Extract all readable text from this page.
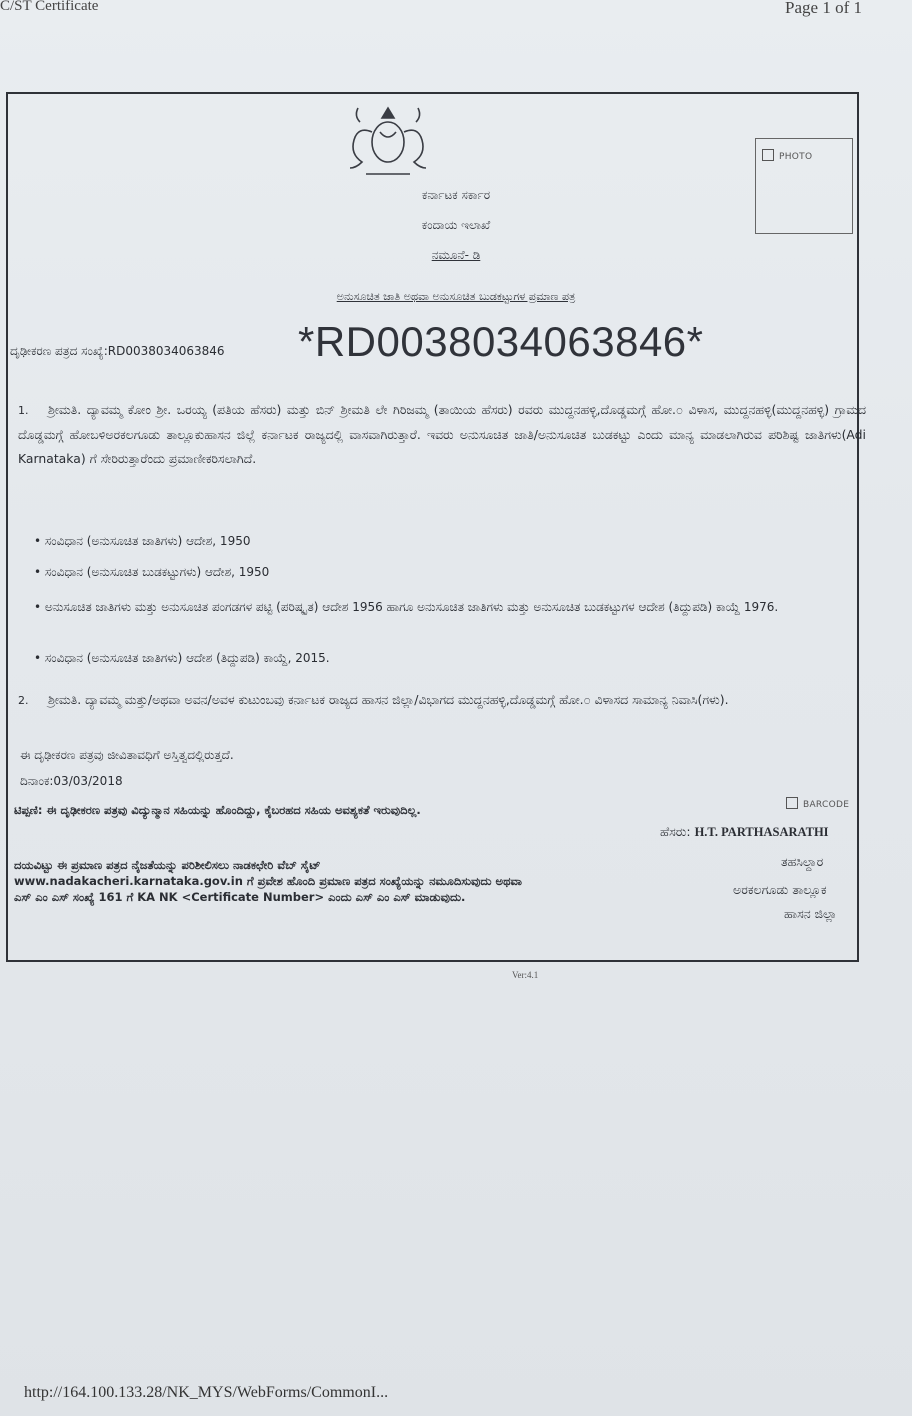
C/ST Certificate	Page 1 of 1
ಕರ್ನಾಟಕ ಸರ್ಕಾರ
ಕಂದಾಯ ಇಲಾಖೆ
ನಮೂನೆ- ಡಿ
ಅನುಸೂಚಿತ ಜಾತಿ ಅಥವಾ ಅನುಸೂಚಿತ ಬುಡಕಟ್ಟುಗಳ ಪ್ರಮಾಣ ಪತ್ರ
PHOTO
ದೃಢೀಕರಣ ಪತ್ರದ ಸಂಖ್ಯೆ:RD0038034063846 *RD0038034063846*
1. ಶ್ರೀಮತಿ. ದ್ಯಾವಮ್ಮ ಕೋಂ ಶ್ರೀ. ಒರಯ್ಯ (ಪತಿಯ ಹೆಸರು) ಮತ್ತು ಬಿನ್ ಶ್ರೀಮತಿ ಲೇ ಗಿರಿಜಮ್ಮ (ತಾಯಿಯ ಹೆಸರು) ರವರು ಮುದ್ದನಹಳ್ಳಿ,ದೊಡ್ಡಮಗ್ಗೆ ಹೋ.೦ ವಿಳಾಸ, ಮುದ್ದನಹಳ್ಳಿ(ಮುದ್ದನಹಳ್ಳಿ) ಗ್ರಾಮದ ದೊಡ್ಡಮಗ್ಗೆ ಹೋಬಳಿಅರಕಲಗೂಡು ತಾಲ್ಲೂಕುಹಾಸನ ಜಿಲ್ಲೆ ಕರ್ನಾಟಕ ರಾಜ್ಯದಲ್ಲಿ ವಾಸವಾಗಿರುತ್ತಾರೆ. ಇವರು ಅನುಸೂಚಿತ ಜಾತಿ/ಅನುಸೂಚಿತ ಬುಡಕಟ್ಟು ಎಂದು ಮಾನ್ಯ ಮಾಡಲಾಗಿರುವ ಪರಿಶಿಷ್ಟ ಜಾತಿಗಳು(Adi Karnataka) ಗೆ ಸೇರಿರುತ್ತಾರೆಂದು ಪ್ರಮಾಣೀಕರಿಸಲಾಗಿದೆ.
• ಸಂವಿಧಾನ (ಅನುಸೂಚಿತ ಜಾತಿಗಳು) ಆದೇಶ, 1950
• ಸಂವಿಧಾನ (ಅನುಸೂಚಿತ ಬುಡಕಟ್ಟುಗಳು) ಆದೇಶ, 1950
• ಅನುಸೂಚಿತ ಜಾತಿಗಳು ಮತ್ತು ಅನುಸೂಚಿತ ಪಂಗಡಗಳ ಪಟ್ಟಿ (ಪರಿಷ್ಕೃತ) ಆದೇಶ 1956 ಹಾಗೂ ಅನುಸೂಚಿತ ಜಾತಿಗಳು ಮತ್ತು ಅನುಸೂಚಿತ ಬುಡಕಟ್ಟುಗಳ ಆದೇಶ (ತಿದ್ದುಪಡಿ) ಕಾಯ್ದೆ 1976.
• ಸಂವಿಧಾನ (ಅನುಸೂಚಿತ ಜಾತಿಗಳು) ಆದೇಶ (ತಿದ್ದುಪಡಿ) ಕಾಯ್ದೆ, 2015.
2. ಶ್ರೀಮತಿ. ದ್ಯಾವಮ್ಮ ಮತ್ತು/ಅಥವಾ ಅವನ/ಅವಳ ಕುಟುಂಬವು ಕರ್ನಾಟಕ ರಾಜ್ಯದ ಹಾಸನ ಜಿಲ್ಲಾ/ವಿಭಾಗದ ಮುದ್ದನಹಳ್ಳಿ,ದೊಡ್ಡಮಗ್ಗೆ ಹೋ.೦ ವಿಳಾಸದ ಸಾಮಾನ್ಯ ನಿವಾಸಿ(ಗಳು).
ಈ ದೃಢೀಕರಣ ಪತ್ರವು ಜೀವಿತಾವಧಿಗೆ ಅಸ್ತಿತ್ವದಲ್ಲಿರುತ್ತದೆ.
ದಿನಾಂಕ:03/03/2018
ಟಿಪ್ಪಣಿ: ಈ ದೃಢೀಕರಣ ಪತ್ರವು ವಿದ್ಯುನ್ಮಾನ ಸಹಿಯನ್ನು ಹೊಂದಿದ್ದು, ಕೈಬರಹದ ಸಹಿಯ ಅವಶ್ಯಕತೆ ಇರುವುದಿಲ್ಲ.
ದಯವಿಟ್ಟು ಈ ಪ್ರಮಾಣ ಪತ್ರದ ನೈಜತೆಯನ್ನು ಪರಿಶೀಲಿಸಲು ನಾಡಕಛೇರಿ ವೆಬ್ ಸೈಟ್ www.nadakacheri.karnataka.gov.in ಗೆ ಪ್ರವೇಶ ಹೊಂದಿ ಪ್ರಮಾಣ ಪತ್ರದ ಸಂಖ್ಯೆಯನ್ನು ನಮೂದಿಸುವುದು ಅಥವಾ ಎಸ್ ಎಂ ಎಸ್ ಸಂಖ್ಯೆ 161 ಗೆ KA NK <Certificate Number> ಎಂದು ಎಸ್ ಎಂ ಎಸ್ ಮಾಡುವುದು.
BARCODE
ಹೆಸರು: H.T. PARTHASARATHI
ತಹಸಿಲ್ದಾರ
ಅರಕಲಗೂಡು ತಾಲ್ಲೂಕ
ಹಾಸನ ಜಿಲ್ಲಾ
Ver:4.1
http://164.100.133.28/NK_MYS/WebForms/CommonI...
